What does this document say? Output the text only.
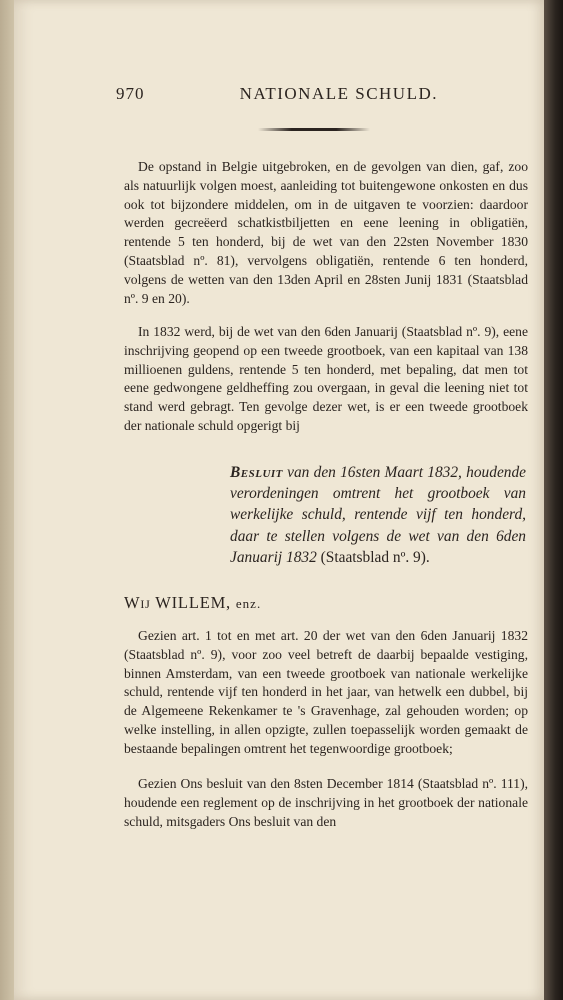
970	NATIONALE SCHULD.

De opstand in Belgie uitgebroken, en de gevolgen van dien, gaf, zoo als natuurlijk volgen moest, aanleiding tot buitengewone onkosten en dus ook tot bijzondere middelen, om in de uitgaven te voorzien: daardoor werden gecreëerd schatkistbiljetten en eene leening in obligatiën, rentende 5 ten honderd, bij de wet van den 22sten November 1830 (Staatsblad nº. 81), vervolgens obligatiën, rentende 6 ten honderd, volgens de wetten van den 13den April en 28sten Junij 1831 (Staatsblad nº. 9 en 20).

In 1832 werd, bij de wet van den 6den Januarij (Staatsblad nº. 9), eene inschrijving geopend op een tweede grootboek, van een kapitaal van 138 millioenen guldens, rentende 5 ten honderd, met bepaling, dat men tot eene gedwongene geldheffing zou overgaan, in geval die leening niet tot stand werd gebragt. Ten gevolge dezer wet, is er een tweede grootboek der nationale schuld opgerigt bij

Besluit van den 16sten Maart 1832, houdende verordeningen omtrent het grootboek van werkelijke schuld, rentende vijf ten honderd, daar te stellen volgens de wet van den 6den Januarij 1832 (Staatsblad nº. 9).
Wij WILLEM, enz.

Gezien art. 1 tot en met art. 20 der wet van den 6den Januarij 1832 (Staatsblad nº. 9), voor zoo veel betreft de daarbij bepaalde vestiging, binnen Amsterdam, van een tweede grootboek van nationale werkelijke schuld, rentende vijf ten honderd in het jaar, van hetwelk een dubbel, bij de Algemeene Rekenkamer te 's Gravenhage, zal gehouden worden; op welke instelling, in allen opzigte, zullen toepasselijk worden gemaakt de bestaande bepalingen omtrent het tegenwoordige grootboek;

Gezien Ons besluit van den 8sten December 1814 (Staatsblad nº. 111), houdende een reglement op de inschrijving in het grootboek der nationale schuld, mitsgaders Ons besluit van den
